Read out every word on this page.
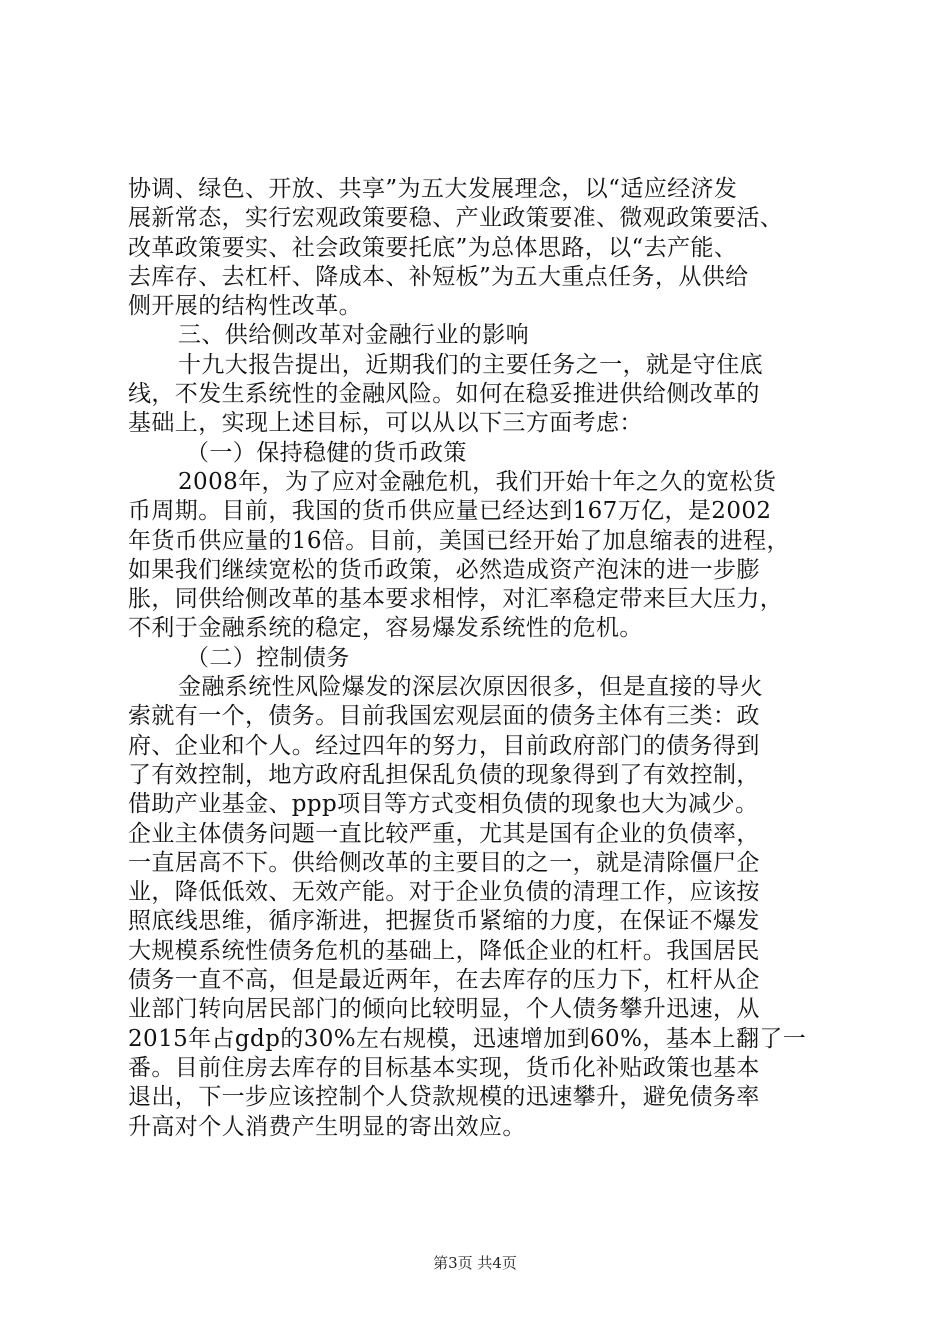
协调、绿色、开放、共享”为五大发展理念，以“适应经济发
展新常态，实行宏观政策要稳、产业政策要准、微观政策要活、
改革政策要实、社会政策要托底”为总体思路，以“去产能、
去库存、去杠杆、降成本、补短板”为五大重点任务，从供给
侧开展的结构性改革。
三、供给侧改革对金融行业的影响
十九大报告提出，近期我们的主要任务之一，就是守住底
线，不发生系统性的金融风险。如何在稳妥推进供给侧改革的
基础上，实现上述目标，可以从以下三方面考虑：
（一）保持稳健的货币政策
2008年，为了应对金融危机，我们开始十年之久的宽松货
币周期。目前，我国的货币供应量已经达到167万亿，是2002
年货币供应量的16倍。目前，美国已经开始了加息缩表的进程，
如果我们继续宽松的货币政策，必然造成资产泡沫的进一步膨
胀，同供给侧改革的基本要求相悖，对汇率稳定带来巨大压力，
不利于金融系统的稳定，容易爆发系统性的危机。
（二）控制债务
金融系统性风险爆发的深层次原因很多，但是直接的导火
索就有一个，债务。目前我国宏观层面的债务主体有三类：政
府、企业和个人。经过四年的努力，目前政府部门的债务得到
了有效控制，地方政府乱担保乱负债的现象得到了有效控制，
借助产业基金、ppp项目等方式变相负债的现象也大为减少。
企业主体债务问题一直比较严重，尤其是国有企业的负债率，
一直居高不下。供给侧改革的主要目的之一，就是清除僵尸企
业，降低低效、无效产能。对于企业负债的清理工作，应该按
照底线思维，循序渐进，把握货币紧缩的力度，在保证不爆发
大规模系统性债务危机的基础上，降低企业的杠杆。我国居民
债务一直不高，但是最近两年，在去库存的压力下，杠杆从企
业部门转向居民部门的倾向比较明显，个人债务攀升迅速，从
2015年占gdp的30%左右规模，迅速增加到60%，基本上翻了一
番。目前住房去库存的目标基本实现，货币化补贴政策也基本
退出，下一步应该控制个人贷款规模的迅速攀升，避免债务率
升高对个人消费产生明显的寄出效应。
第3页 共4页
